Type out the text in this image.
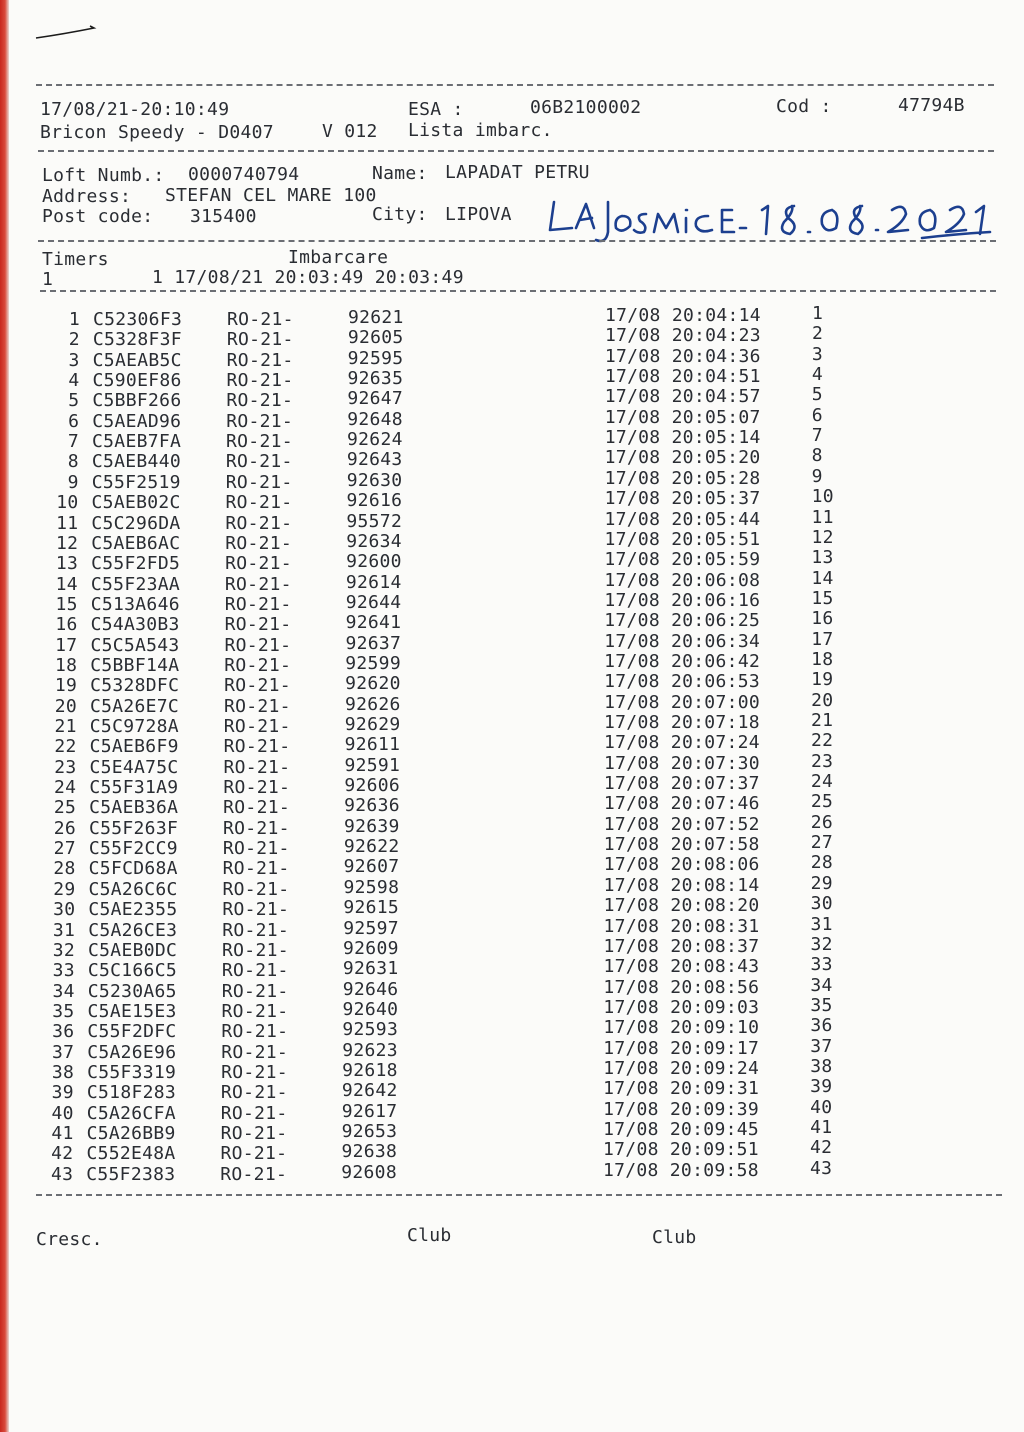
17/08/21-20:10:49	ESA :	06B2100002	Cod :	47794B
Bricon Speedy - D0407	V 012 Lista imbarc.
Loft Numb.: 0000740794	Name: LAPADAT PETRU
Address: STEFAN CEL MARE 100
Post code: 315400	City: LIPOVA
Timers	Imbarcare
1	1 17/08/21 20:03:49 20:03:49
1 C52306F3 RO-21-	92621	17/08 20:04:14	1
2 C5328F3F RO-21-	92605	17/08 20:04:23	2
3 C5AEAB5C RO-21-	92595	17/08 20:04:36	3
4 C590EF86 RO-21-	92635	17/08 20:04:51	4
5 C5BBF266 RO-21-	92647	17/08 20:04:57	5
6 C5AEAD96 RO-21-	92648	17/08 20:05:07	6
7 C5AEB7FA RO-21-	92624	17/08 20:05:14	7
8 C5AEB440 RO-21-	92643	17/08 20:05:20	8
9 C55F2519 RO-21-	92630	17/08 20:05:28	9
10 C5AEB02C RO-21-	92616	17/08 20:05:37	10
11 C5C296DA RO-21-	95572	17/08 20:05:44	11
12 C5AEB6AC RO-21-	92634	17/08 20:05:51	12
13 C55F2FD5 RO-21-	92600	17/08 20:05:59	13
14 C55F23AA RO-21-	92614	17/08 20:06:08	14
15 C513A646 RO-21-	92644	17/08 20:06:16	15
16 C54A30B3 RO-21-	92641	17/08 20:06:25	16
17 C5C5A543 RO-21-	92637	17/08 20:06:34	17
18 C5BBF14A RO-21-	92599	17/08 20:06:42	18
19 C5328DFC RO-21-	92620	17/08 20:06:53	19
20 C5A26E7C RO-21-	92626	17/08 20:07:00	20
21 C5C9728A RO-21-	92629	17/08 20:07:18	21
22 C5AEB6F9 RO-21-	92611	17/08 20:07:24	22
23 C5E4A75C RO-21-	92591	17/08 20:07:30	23
24 C55F31A9 RO-21-	92606	17/08 20:07:37	24
25 C5AEB36A RO-21-	92636	17/08 20:07:46	25
26 C55F263F RO-21-	92639	17/08 20:07:52	26
27 C55F2CC9 RO-21-	92622	17/08 20:07:58	27
28 C5FCD68A RO-21-	92607	17/08 20:08:06	28
29 C5A26C6C RO-21-	92598	17/08 20:08:14	29
30 C5AE2355 RO-21-	92615	17/08 20:08:20	30
31 C5A26CE3 RO-21-	92597	17/08 20:08:31	31
32 C5AEB0DC RO-21-	92609	17/08 20:08:37	32
33 C5C166C5 RO-21-	92631	17/08 20:08:43	33
34 C5230A65 RO-21-	92646	17/08 20:08:56	34
35 C5AE15E3 RO-21-	92640	17/08 20:09:03	35
36 C55F2DFC RO-21-	92593	17/08 20:09:10	36
37 C5A26E96 RO-21-	92623	17/08 20:09:17	37
38 C55F3319 RO-21-	92618	17/08 20:09:24	38
39 C518F283 RO-21-	92642	17/08 20:09:31	39
40 C5A26CFA RO-21-	92617	17/08 20:09:39	40
41 C5A26BB9 RO-21-	92653	17/08 20:09:45	41
42 C552E48A RO-21-	92638	17/08 20:09:51	42
43 C55F2383 RO-21-	92608	17/08 20:09:58	43
Cresc.	Club	Club
